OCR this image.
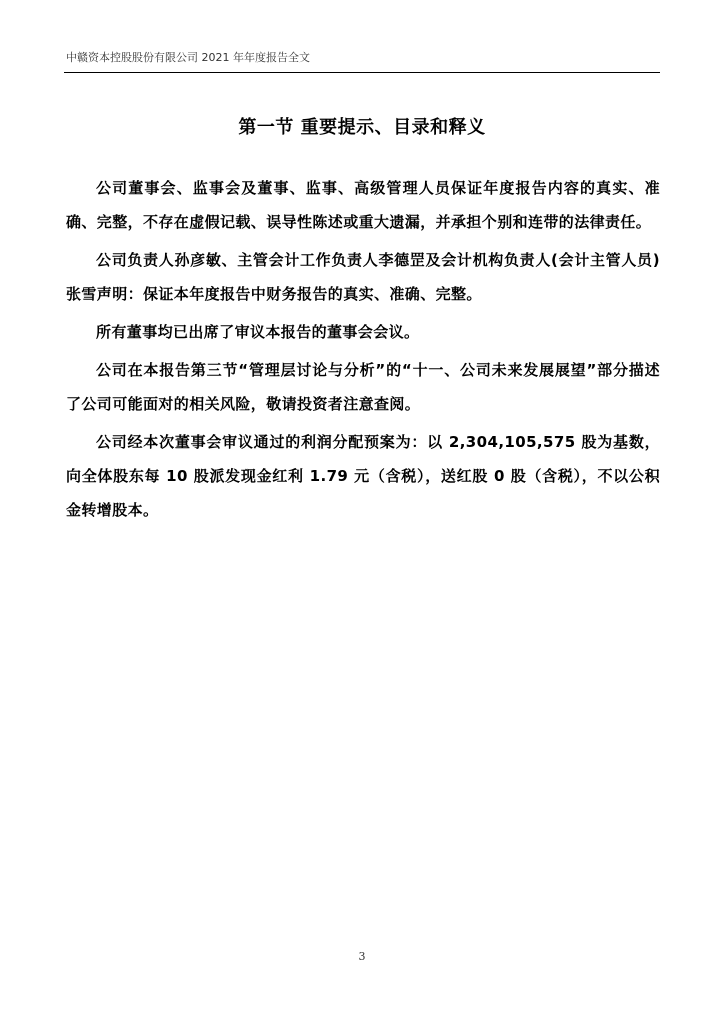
中赣资本控股股份有限公司 2021 年年度报告全文
第一节 重要提示、目录和释义

公司董事会、监事会及董事、监事、高级管理人员保证年度报告内容的真实、准确、完整，不存在虚假记载、误导性陈述或重大遗漏，并承担个别和连带的法律责任。

公司负责人孙彦敏、主管会计工作负责人李德罡及会计机构负责人(会计主管人员)张雪声明：保证本年度报告中财务报告的真实、准确、完整。

所有董事均已出席了审议本报告的董事会会议。

公司在本报告第三节“管理层讨论与分析”的“十一、公司未来发展展望”部分描述了公司可能面对的相关风险，敬请投资者注意查阅。

公司经本次董事会审议通过的利润分配预案为：以 2,304,105,575 股为基数，向全体股东每 10 股派发现金红利 1.79 元（含税），送红股 0 股（含税），不以公积金转增股本。

3
